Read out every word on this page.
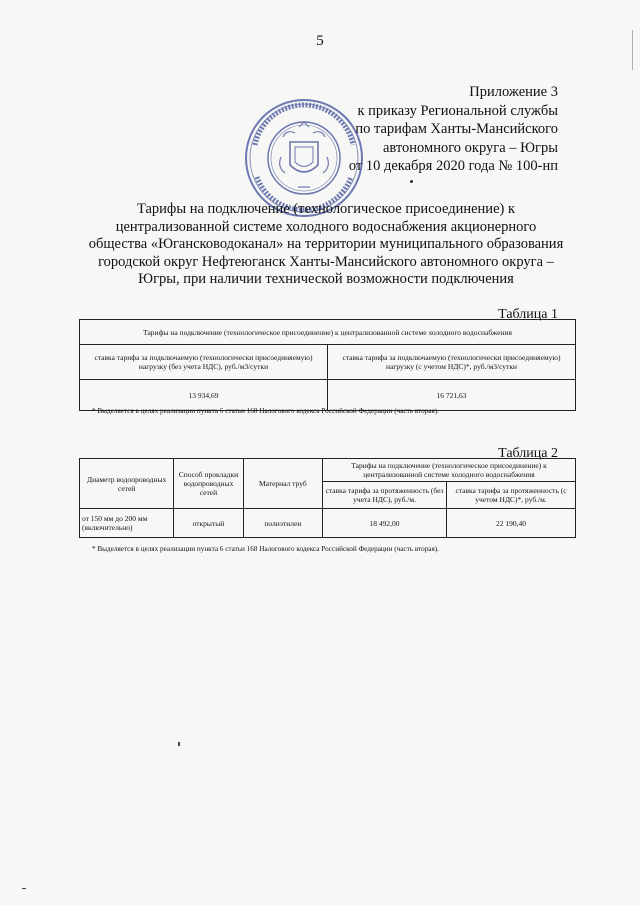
5
Приложение 3
к приказу Региональной службы
по тарифам Ханты-Мансийского
автономного округа – Югры
от 10 декабря 2020 года № 100-нп
Тарифы на подключение (технологическое присоединение) к
централизованной системе холодного водоснабжения акционерного
общества «Югансководоканал» на территории муниципального образования
городской округ Нефтеюганск Ханты-Мансийского автономного округа –
Югры, при наличии технической возможности подключения
Таблица 1
Тарифы на подключение (технологическое присоединение) к централизованной системе холодного водоснабжения	
ставка тарифа за подключаемую (технологически присоединяемую) нагрузку (без учета НДС), руб./м3/сутки	ставка тарифа за подключаемую (технологически присоединяемую) нагрузку (с учетом НДС)*, руб./м3/сутки
13 934,69	16 721,63
* Выделяется в целях реализации пункта 6 статьи 168 Налогового кодекса Российской Федерации (часть вторая).
Таблица 2
Диаметр водопроводных сетей	Способ прокладки водопроводных сетей	Материал труб	Тарифы на подключение (технологическое присоединение) к централизованной системе холодного водоснабжения	
			ставка тарифа за протяженность (без учета НДС), руб./м.	ставка тарифа за протяженность (с учетом НДС)*, руб./м.
от 150 мм до 200 мм (включительно)	открытый	полиэтилен	18 492,00	22 190,40
* Выделяется в целях реализации пункта 6 статьи 168 Налогового кодекса Российской Федерации (часть вторая).
